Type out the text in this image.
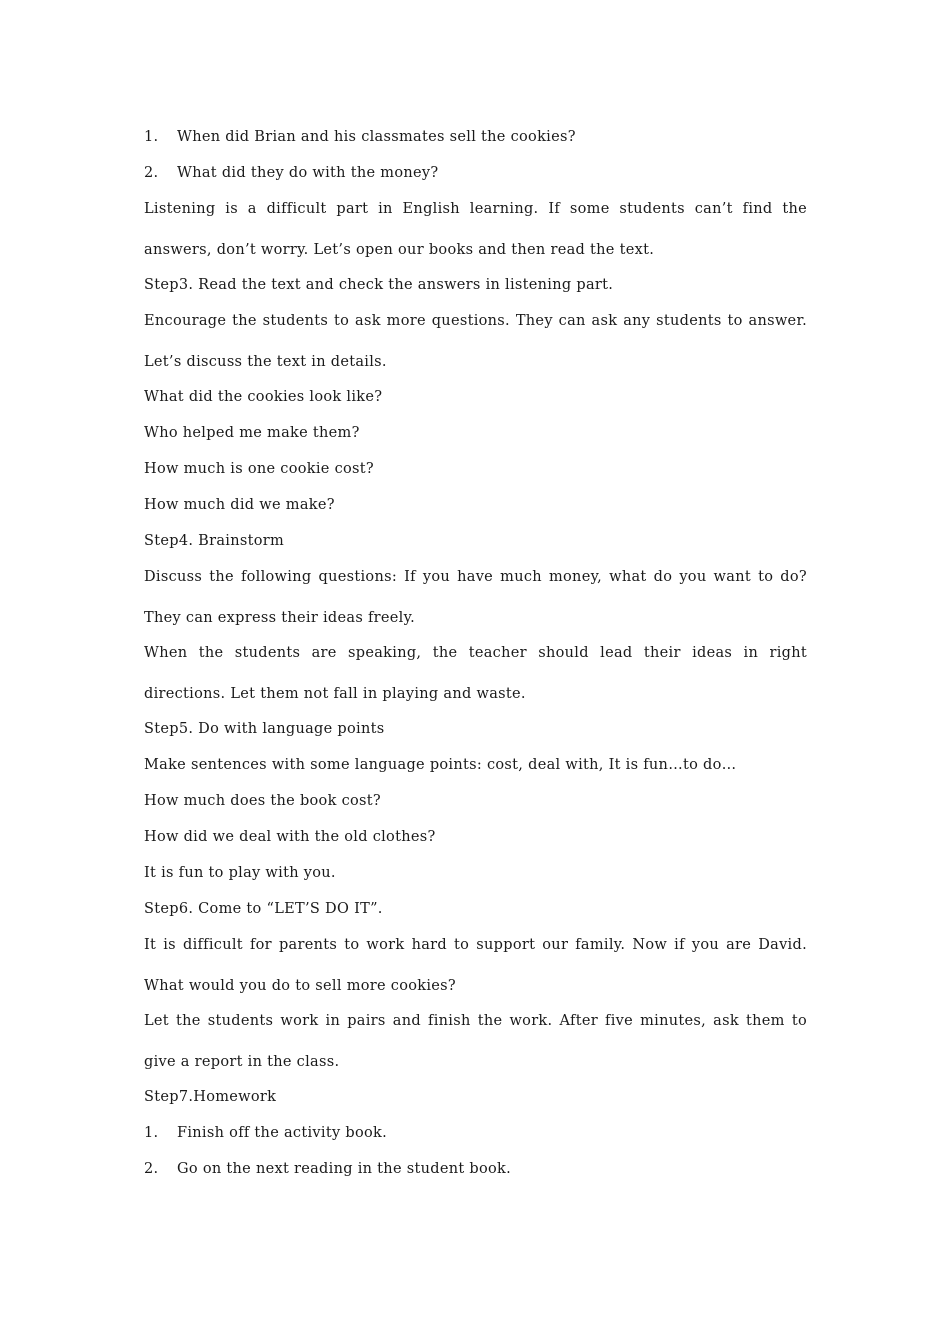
1. When did Brian and his classmates sell the cookies?
2. What did they do with the money?
Listening is a difficult part in English learning. If some students can’t find the answers, don’t worry. Let’s open our books and then read the text.
Step3. Read the text and check the answers in listening part.
Encourage the students to ask more questions. They can ask any students to answer. Let’s discuss the text in details.
What did the cookies look like?
Who helped me make them?
How much is one cookie cost?
How much did we make?
Step4. Brainstorm
Discuss the following questions: If you have much money, what do you want to do? They can express their ideas freely.
When the students are speaking, the teacher should lead their ideas in right directions. Let them not fall in playing and waste.
Step5. Do with language points
Make sentences with some language points: cost, deal with, It is fun…to do…
How much does the book cost?
How did we deal with the old clothes?
It is fun to play with you.
Step6. Come to “LET’S DO IT”.
It is difficult for parents to work hard to support our family. Now if you are David. What would you do to sell more cookies?
Let the students work in pairs and finish the work. After five minutes, ask them to give a report in the class.
Step7.Homework
1. Finish off the activity book.
2. Go on the next reading in the student book.
